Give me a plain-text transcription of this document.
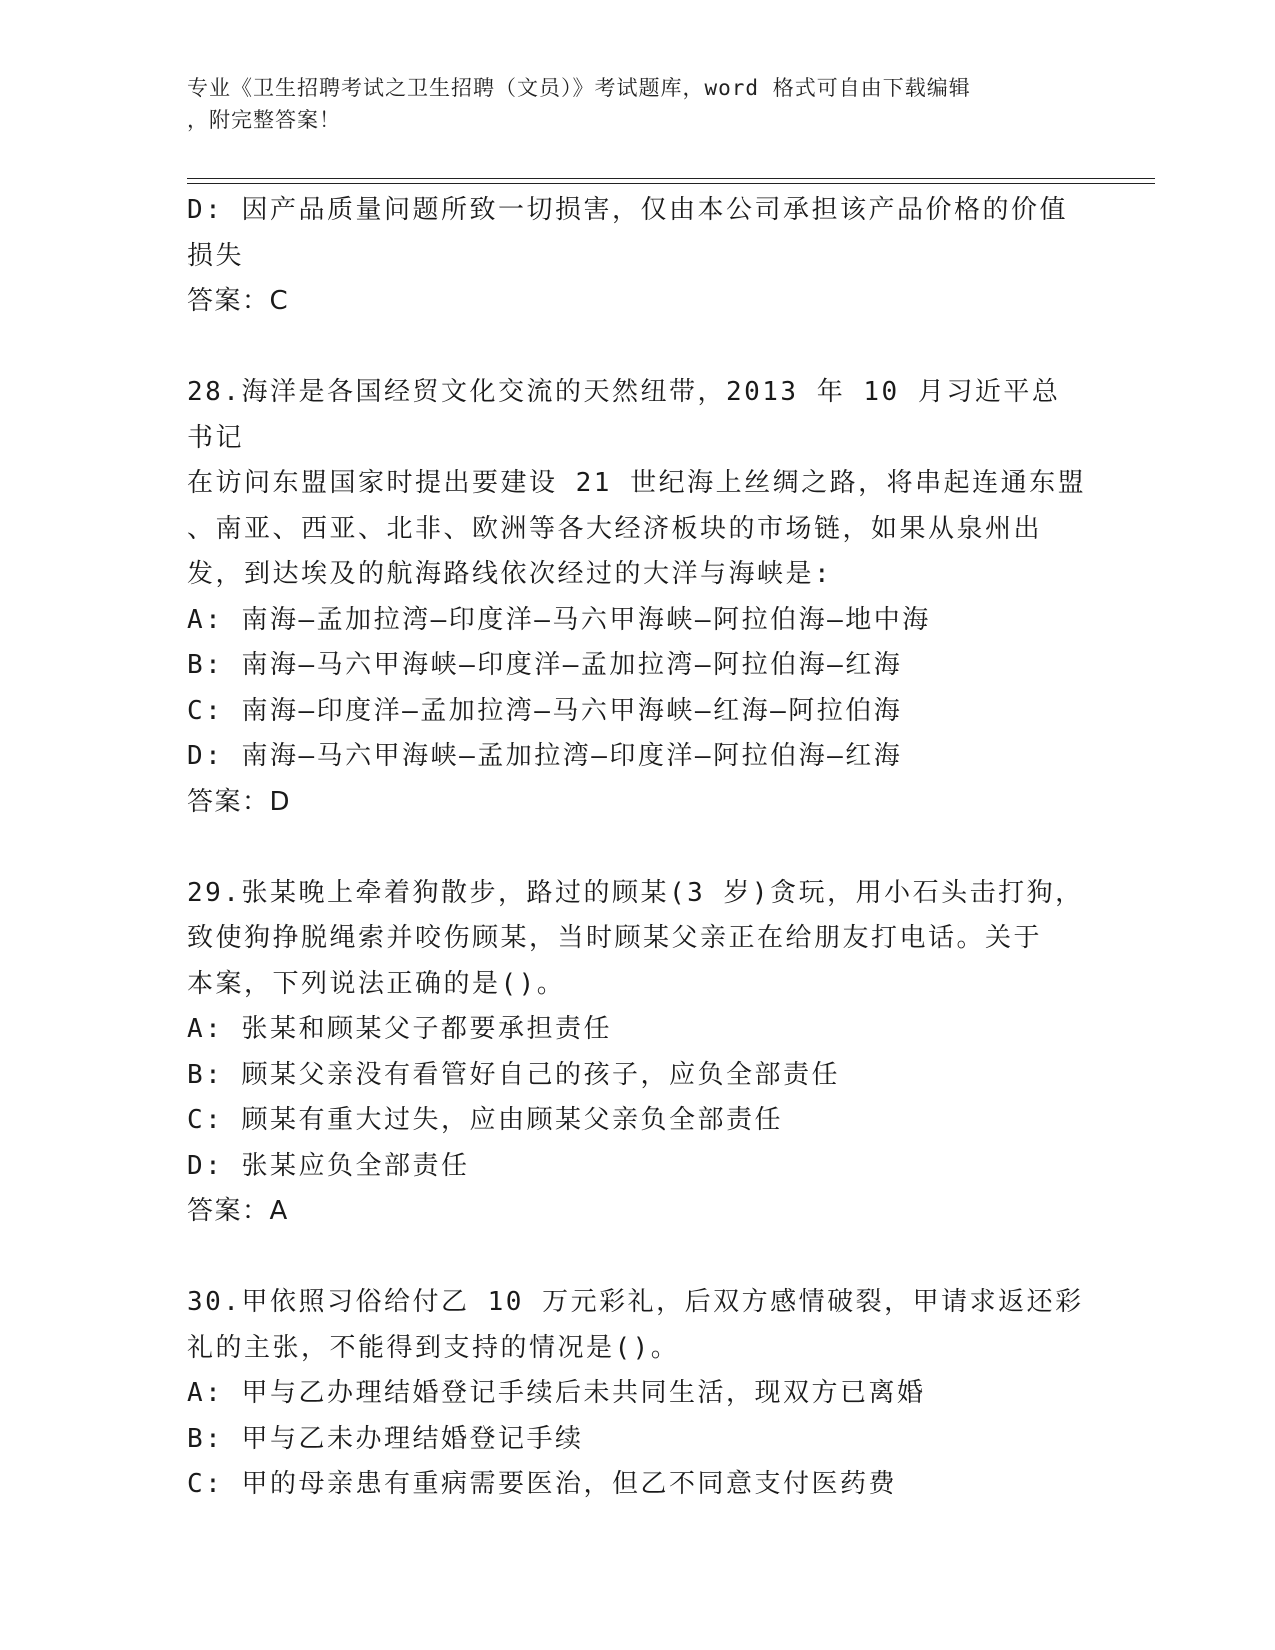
专业《卫生招聘考试之卫生招聘（文员）》考试题库，word 格式可自由下载编辑
，附完整答案！
D: 因产品质量问题所致一切损害，仅由本公司承担该产品价格的价值
损失
答案：C
28.海洋是各国经贸文化交流的天然纽带，2013 年 10 月习近平总书记
在访问东盟国家时提出要建设 21 世纪海上丝绸之路，将串起连通东盟
、南亚、西亚、北非、欧洲等各大经济板块的市场链，如果从泉州出
发，到达埃及的航海路线依次经过的大洋与海峡是:
A: 南海—孟加拉湾—印度洋—马六甲海峡—阿拉伯海—地中海
B: 南海—马六甲海峡—印度洋—孟加拉湾—阿拉伯海—红海
C: 南海—印度洋—孟加拉湾—马六甲海峡—红海—阿拉伯海
D: 南海—马六甲海峡—孟加拉湾—印度洋—阿拉伯海—红海
答案：D
29.张某晚上牵着狗散步，路过的顾某(3 岁)贪玩，用小石头击打狗，
致使狗挣脱绳索并咬伤顾某，当时顾某父亲正在给朋友打电话。关于
本案，下列说法正确的是()。
A: 张某和顾某父子都要承担责任
B: 顾某父亲没有看管好自己的孩子，应负全部责任
C: 顾某有重大过失，应由顾某父亲负全部责任
D: 张某应负全部责任
答案：A
30.甲依照习俗给付乙 10 万元彩礼，后双方感情破裂，甲请求返还彩
礼的主张，不能得到支持的情况是()。
A: 甲与乙办理结婚登记手续后未共同生活，现双方已离婚
B: 甲与乙未办理结婚登记手续
C: 甲的母亲患有重病需要医治，但乙不同意支付医药费
